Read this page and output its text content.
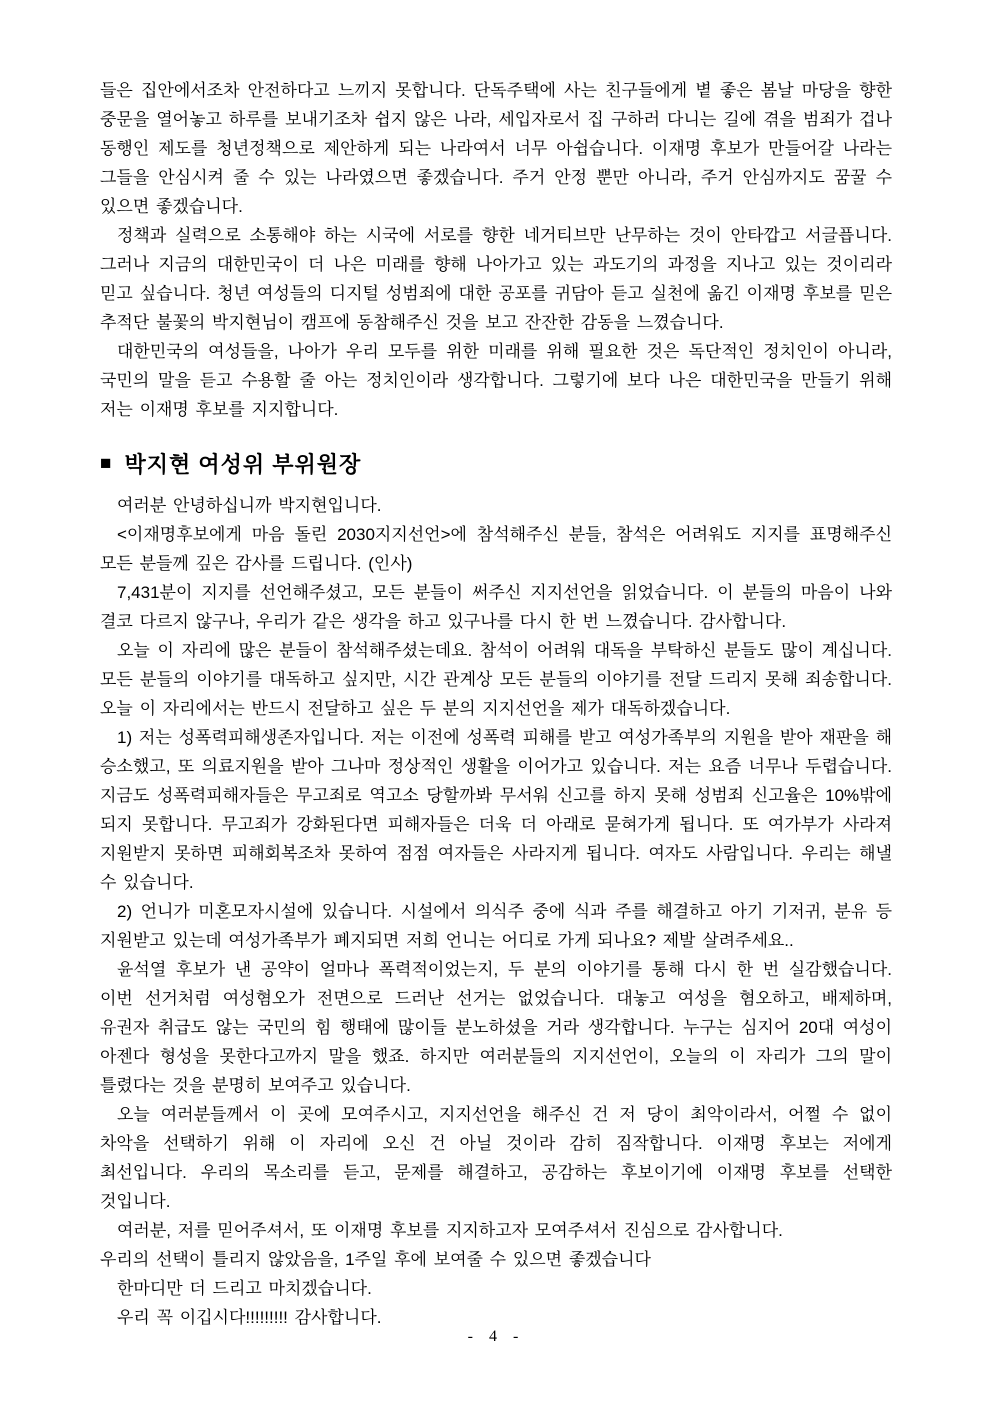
들은 집안에서조차 안전하다고 느끼지 못합니다. 단독주택에 사는 친구들에게 볕 좋은 봄날 마당을 향한 중문을 열어놓고 하루를 보내기조차 쉽지 않은 나라, 세입자로서 집 구하러 다니는 길에 겪을 범죄가 겁나 동행인 제도를 청년정책으로 제안하게 되는 나라여서 너무 아쉽습니다. 이재명 후보가 만들어갈 나라는 그들을 안심시켜 줄 수 있는 나라였으면 좋겠습니다. 주거 안정 뿐만 아니라, 주거 안심까지도 꿈꿀 수 있으면 좋겠습니다.

정책과 실력으로 소통해야 하는 시국에 서로를 향한 네거티브만 난무하는 것이 안타깝고 서글픕니다. 그러나 지금의 대한민국이 더 나은 미래를 향해 나아가고 있는 과도기의 과정을 지나고 있는 것이리라 믿고 싶습니다. 청년 여성들의 디지털 성범죄에 대한 공포를 귀담아 듣고 실천에 옮긴 이재명 후보를 믿은 추적단 불꽃의 박지현님이 캠프에 동참해주신 것을 보고 잔잔한 감동을 느꼈습니다.

대한민국의 여성들을, 나아가 우리 모두를 위한 미래를 위해 필요한 것은 독단적인 정치인이 아니라, 국민의 말을 듣고 수용할 줄 아는 정치인이라 생각합니다. 그렇기에 보다 나은 대한민국을 만들기 위해 저는 이재명 후보를 지지합니다.

■ 박지현 여성위 부위원장

여러분 안녕하십니까 박지현입니다.

<이재명후보에게 마음 돌린 2030지지선언>에 참석해주신 분들, 참석은 어려워도 지지를 표명해주신 모든 분들께 깊은 감사를 드립니다. (인사)

7,431분이 지지를 선언해주셨고, 모든 분들이 써주신 지지선언을 읽었습니다. 이 분들의 마음이 나와 결코 다르지 않구나, 우리가 같은 생각을 하고 있구나를 다시 한 번 느꼈습니다. 감사합니다.

오늘 이 자리에 많은 분들이 참석해주셨는데요. 참석이 어려워 대독을 부탁하신 분들도 많이 계십니다. 모든 분들의 이야기를 대독하고 싶지만, 시간 관계상 모든 분들의 이야기를 전달 드리지 못해 죄송합니다. 오늘 이 자리에서는 반드시 전달하고 싶은 두 분의 지지선언을 제가 대독하겠습니다.

1) 저는 성폭력피해생존자입니다. 저는 이전에 성폭력 피해를 받고 여성가족부의 지원을 받아 재판을 해 승소했고, 또 의료지원을 받아 그나마 정상적인 생활을 이어가고 있습니다. 저는 요즘 너무나 두렵습니다. 지금도 성폭력피해자들은 무고죄로 역고소 당할까봐 무서워 신고를 하지 못해 성범죄 신고율은 10%밖에 되지 못합니다. 무고죄가 강화된다면 피해자들은 더욱 더 아래로 묻혀가게 됩니다. 또 여가부가 사라져 지원받지 못하면 피해회복조차 못하여 점점 여자들은 사라지게 됩니다. 여자도 사람입니다. 우리는 해낼 수 있습니다.

2) 언니가 미혼모자시설에 있습니다. 시설에서 의식주 중에 식과 주를 해결하고 아기 기저귀, 분유 등 지원받고 있는데 여성가족부가 폐지되면 저희 언니는 어디로 가게 되나요? 제발 살려주세요..

윤석열 후보가 낸 공약이 얼마나 폭력적이었는지, 두 분의 이야기를 통해 다시 한 번 실감했습니다. 이번 선거처럼 여성혐오가 전면으로 드러난 선거는 없었습니다. 대놓고 여성을 혐오하고, 배제하며, 유권자 취급도 않는 국민의 힘 행태에 많이들 분노하셨을 거라 생각합니다. 누구는 심지어 20대 여성이 아젠다 형성을 못한다고까지 말을 했죠. 하지만 여러분들의 지지선언이, 오늘의 이 자리가 그의 말이 틀렸다는 것을 분명히 보여주고 있습니다.

오늘 여러분들께서 이 곳에 모여주시고, 지지선언을 해주신 건 저 당이 최악이라서, 어쩔 수 없이 차악을 선택하기 위해 이 자리에 오신 건 아닐 것이라 감히 짐작합니다. 이재명 후보는 저에게 최선입니다. 우리의 목소리를 듣고, 문제를 해결하고, 공감하는 후보이기에 이재명 후보를 선택한 것입니다.

여러분, 저를 믿어주셔서, 또 이재명 후보를 지지하고자 모여주셔서 진심으로 감사합니다.

우리의 선택이 틀리지 않았음을, 1주일 후에 보여줄 수 있으면 좋겠습니다

한마디만 더 드리고 마치겠습니다.

우리 꼭 이깁시다!!!!!!!!! 감사합니다.

- 4 -
